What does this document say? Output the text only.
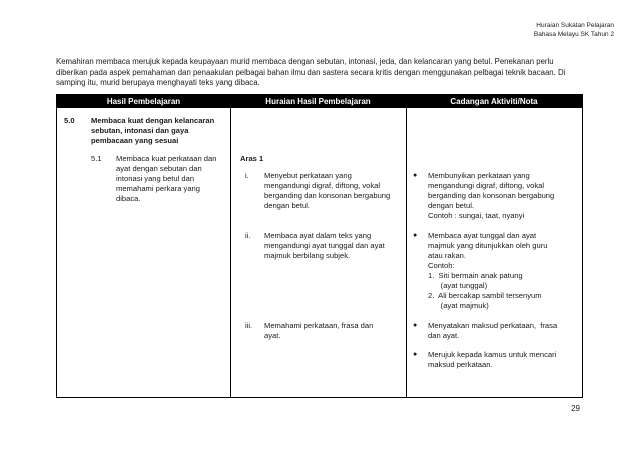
Huraian Sukatan Pelajaran
Bahasa Melayu SK Tahun 2
Kemahiran membaca merujuk kepada keupayaan murid membaca dengan sebutan, intonasi, jeda, dan kelancaran yang betul. Penekanan perlu diberikan pada aspek pemahaman dan penaakulan pelbagai bahan ilmu dan sastera secara kritis dengan menggunakan pelbagai teknik bacaan. Di samping itu, murid berupaya menghayati teks yang dibaca.
Hasil Pembelajaran	Huraian Hasil Pembelajaran	Cadangan Aktiviti/Nota
5.0 Membaca kuat dengan kelancaran
sebutan, intonasi dan gaya
pembacaan yang sesuai
5.1 Membaca kuat perkataan dan
ayat dengan sebutan dan
intonasi yang betul dan
memahami perkara yang
dibaca.
Aras 1
i. Menyebut perkataan yang
mengandungi digraf, diftong, vokal
berganding dan konsonan bergabung
dengan betul.
ii. Membaca ayat dalam teks yang
mengandungi ayat tunggal dan ayat
majmuk berbilang subjek.
iii. Memahami perkataan, frasa dan
ayat.
● Membunyikan perkataan yang
mengandungi digraf, diftong, vokal
berganding dan konsonan bergabung
dengan betul.
Contoh : sungai, taat, nyanyi
● Membaca ayat tunggal dan ayat
majmuk yang ditunjukkan oleh guru
atau rakan.
Contoh:
1.  Siti bermain anak patung
(ayat tunggal)
2.  Ali bercakap sambil tersenyum
(ayat majmuk)
● Menyatakan maksud perkataan,  frasa
dan ayat.
● Merujuk kepada kamus untuk mencari
maksud perkataan.
29
